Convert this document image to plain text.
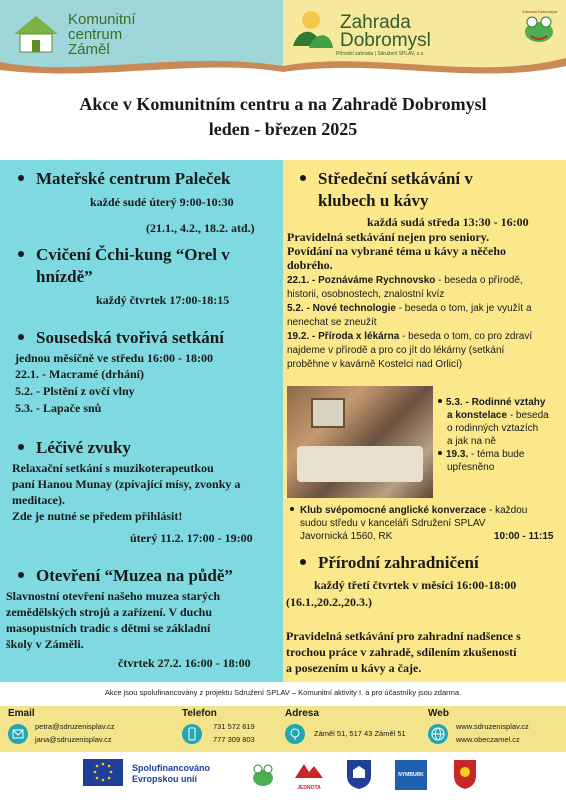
Komunitní
centrum
Záměl
Zahrada
Dobromysl
Přírodní zahrada | Sdružení SPLAV, z.s.
Zahrada Dobromysl
Akce v Komunitním centru a na Zahradě Dobromysl
leden - březen 2025
Mateřské centrum Paleček
každé sudé úterý 9:00-10:30
(21.1., 4.2., 18.2. atd.)
Cvičení Čchi-kung “Orel v
hnízdě”
každý čtvrtek 17:00-18:15
Sousedská tvořivá setkání
jednou měsíčně ve středu 16:00 - 18:00
22.1. - Macramé (drhání)
5.2. - Plstění z ovčí vlny
5.3. - Lapače snů
Léčivé zvuky
Relaxační setkání s muzikoterapeutkou
paní Hanou Munay (zpívající mísy, zvonky a
meditace).
Zde je nutné se předem přihlásit!
úterý 11.2. 17:00 - 19:00
Otevření “Muzea na půdě”
Slavnostní otevření našeho muzea starých
zemědělských strojů a zařízení. V duchu
masopustních tradic s dětmi se základní
školy v Záměli.
čtvrtek 27.2. 16:00 - 18:00
Středeční setkávání v
klubech u kávy
každá sudá středa 13:30 - 16:00
Pravidelná setkávání nejen pro seniory.
Povídání na vybrané téma u kávy a něčeho
dobrého.
22.1. - Poznáváme Rychnovsko - beseda o přírodě,
historii, osobnostech, znalostní kvíz
5.2. - Nové technologie - beseda o tom, jak je využít a
nenechat se zneužít
19.2. - Příroda x lékárna - beseda o tom, co pro zdraví
najdeme v přírodě a pro co jít do lékárny (setkání
proběhne v kavárně Kostelci nad Orlicí)
5.3. - Rodinné vztahy
a konstelace - beseda
o rodinných vztazích
a jak na ně
19.3. - téma bude
upřesněno
Klub svépomocné anglické konverzace - každou
sudou středu v kanceláři Sdružení SPLAV
Javornická 1560, RK	10:00 - 11:15
Přírodní zahradničení
každý třetí čtvrtek v měsíci 16:00-18:00
(16.1.,20.2.,20.3.)
Pravidelná setkávání pro zahradní nadšence s
trochou práce v zahradě, sdílením zkušeností
a posezením u kávy a čaje.
Akce jsou spolufinancovány z projektu Sdružení SPLAV – Komunitní aktivity I. a pro účastníky jsou zdarma.
Email
petra@sdruzenisplav.cz
jana@sdruzenisplav.cz
Telefon
731 572 619
777 309 803
Adresa
Záměl 51, 517 43 Záměl 51
Web
www.sdruzenisplav.cz
www.obeczamel.cz
Spolufinancováno
Evropskou unií
JEDNOTA
NYMBURK
